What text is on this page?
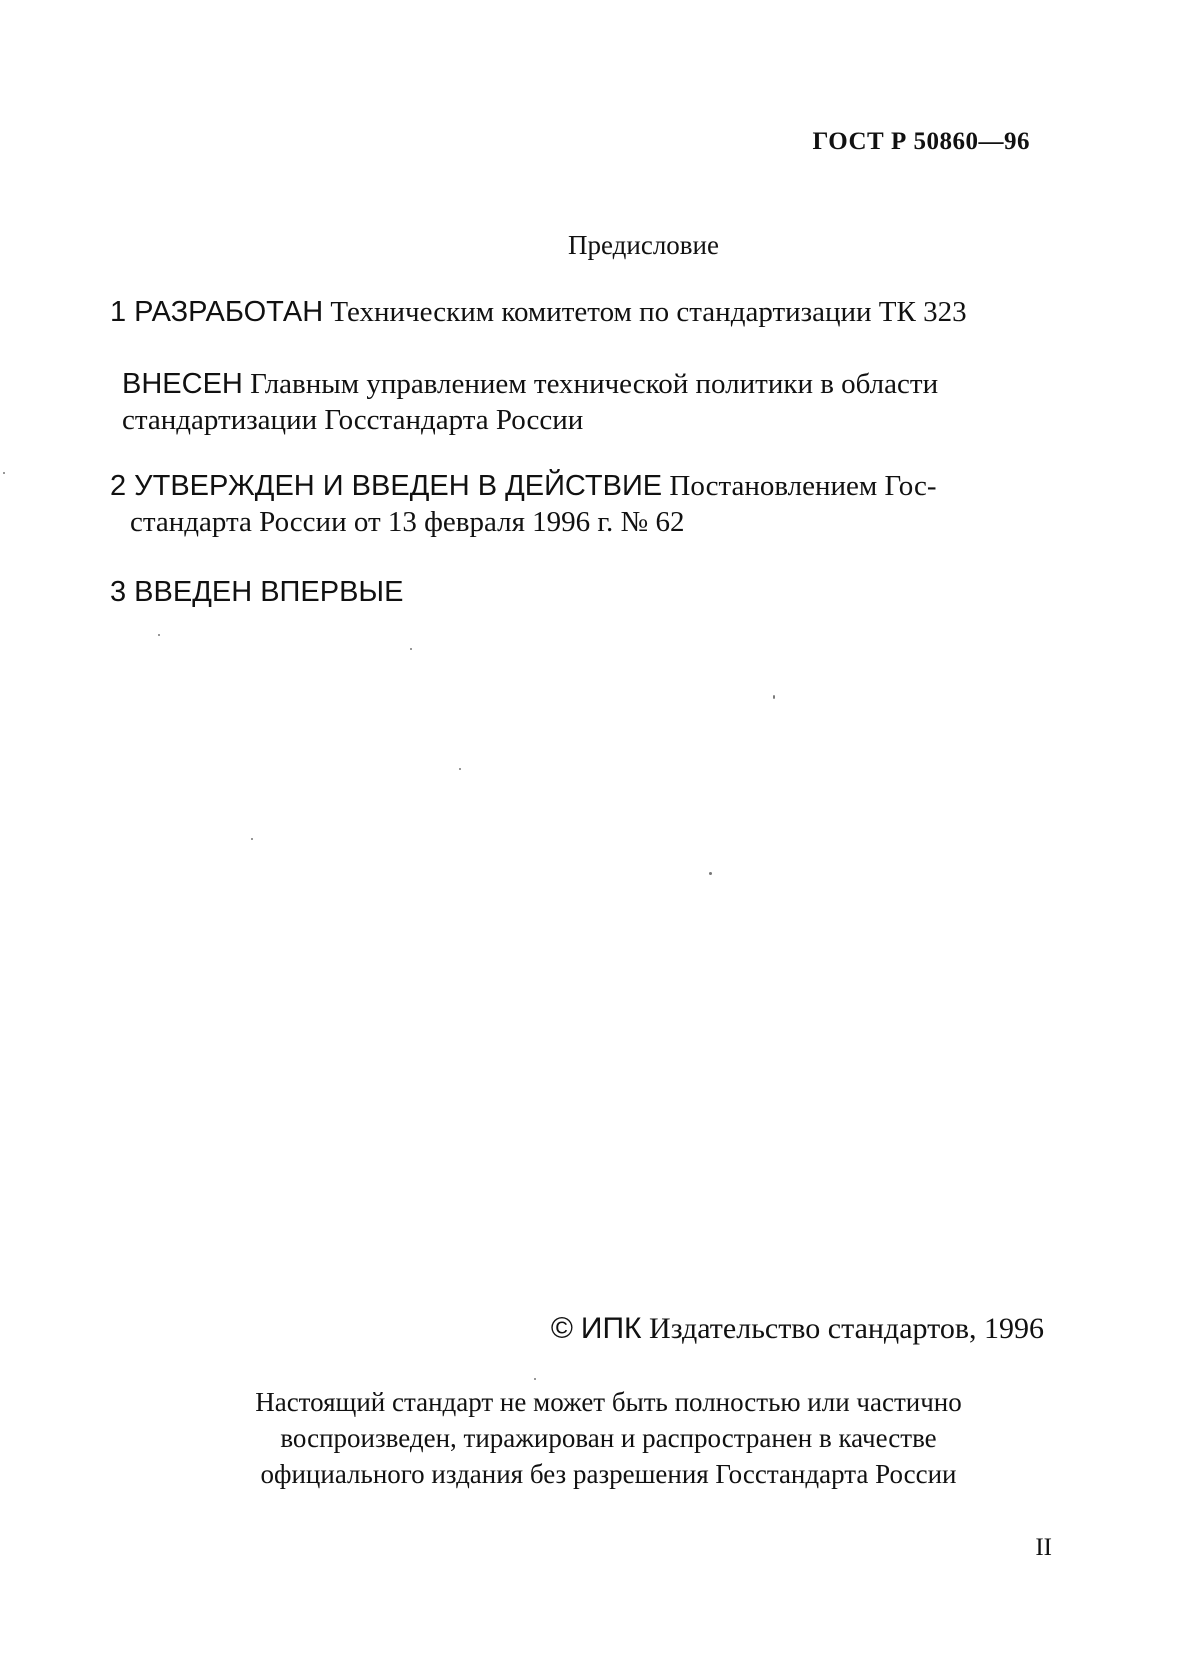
ГОСТ Р 50860—96
Предисловие
1 РАЗРАБОТАН Техническим комитетом по стандартизации ТК 323
ВНЕСЕН Главным управлением технической политики в области
стандартизации Госстандарта России
2 УТВЕРЖДЕН И ВВЕДЕН В ДЕЙСТВИЕ Постановлением Гос-
стандарта России от 13 февраля 1996 г. № 62
3 ВВЕДЕН ВПЕРВЫЕ
© ИПК Издательство стандартов, 1996
Настоящий стандарт не может быть полностью или частично
воспроизведен, тиражирован и распространен в качестве
официального издания без разрешения Госстандарта России
II
